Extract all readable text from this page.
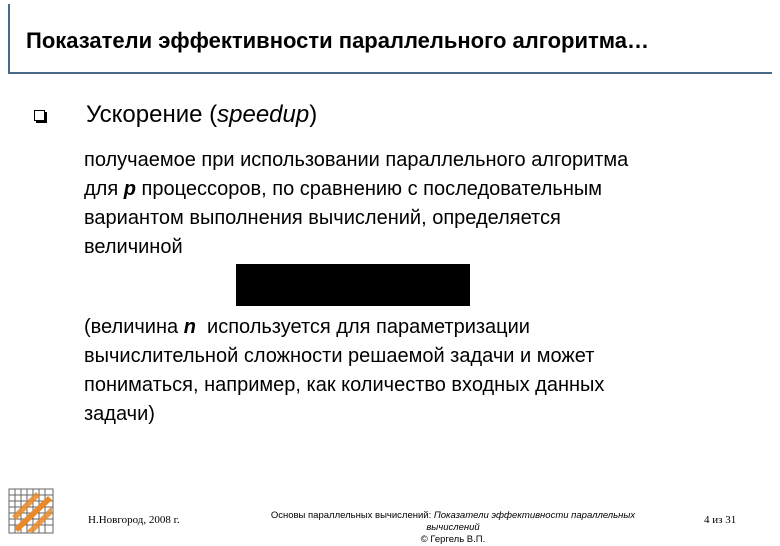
Показатели эффективности параллельного алгоритма…
Ускорение (speedup)
получаемое при использовании параллельного алгоритма
для p процессоров, по сравнению с последовательным
вариантом выполнения вычислений, определяется
величиной
(величина n  используется для параметризации
вычислительной сложности решаемой задачи и может
пониматься, например, как количество входных данных
задачи)
Н.Новгород, 2008 г.	Основы параллельных вычислений: Показатели эффективности параллельных вычислений
© Гергель В.П.
4 из 31
